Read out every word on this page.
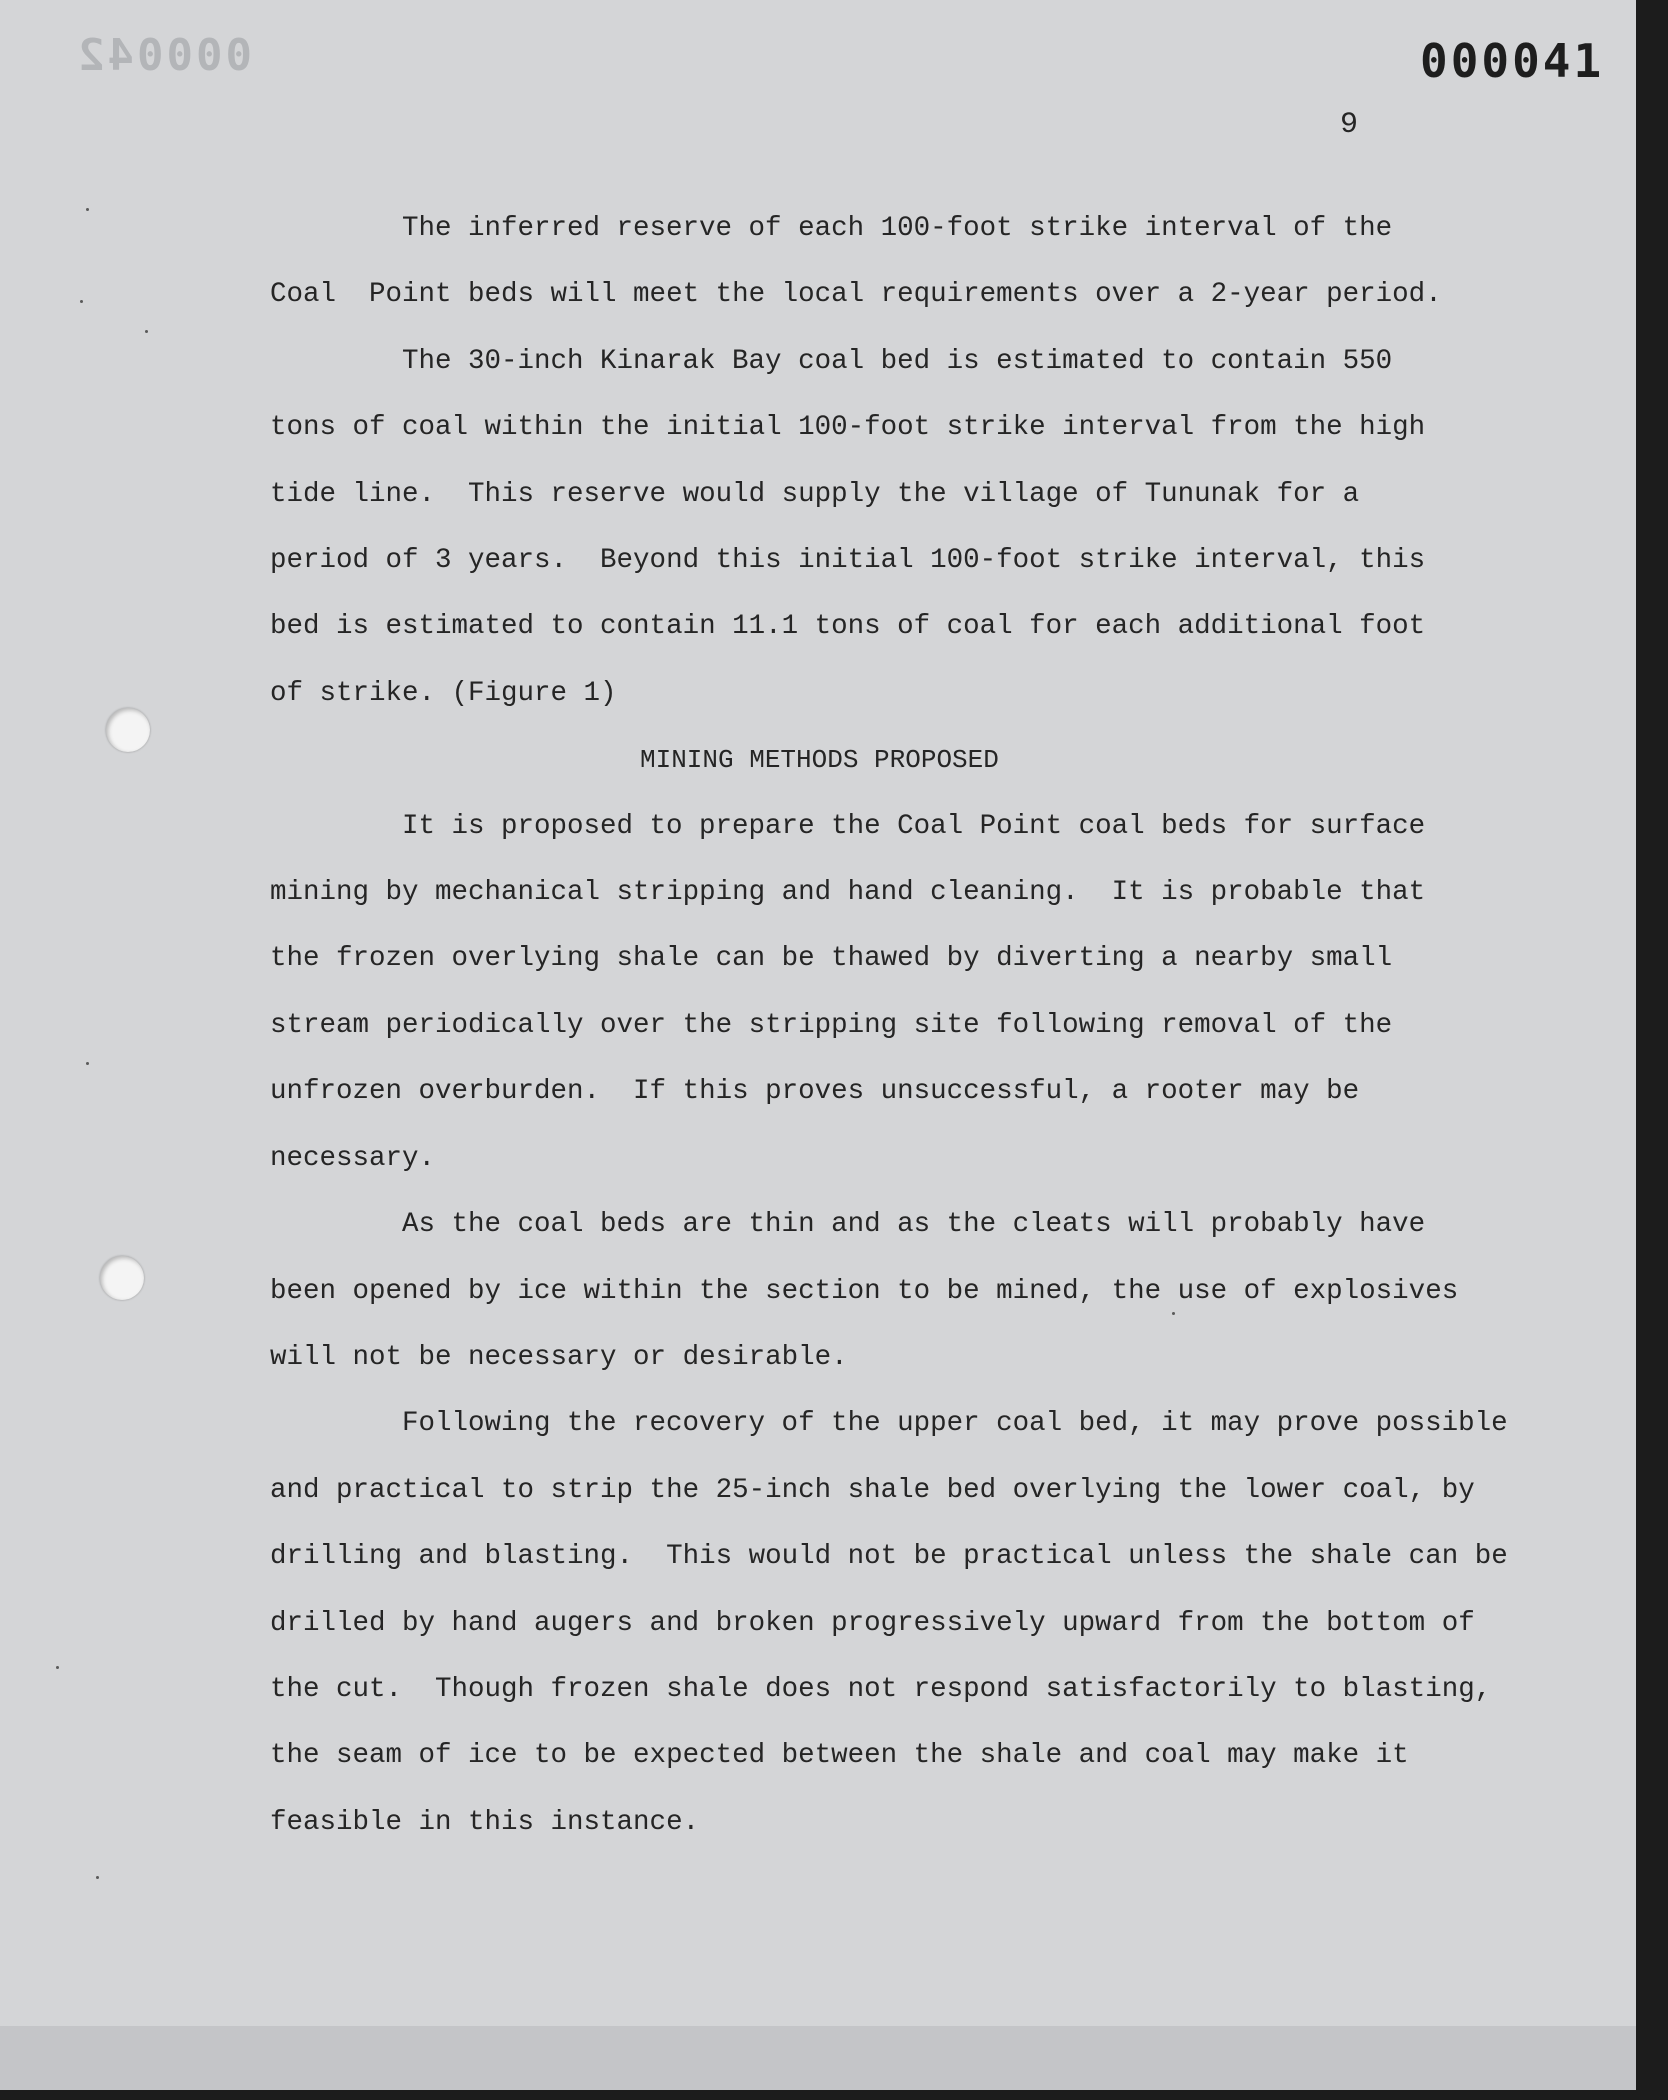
000042	000041
9

The inferred reserve of each 100-foot strike interval of the

Coal  Point beds will meet the local requirements over a 2-year period.

The 30-inch Kinarak Bay coal bed is estimated to contain 550

tons of coal within the initial 100-foot strike interval from the high

tide line.  This reserve would supply the village of Tununak for a

period of 3 years.  Beyond this initial 100-foot strike interval, this

bed is estimated to contain 11.1 tons of coal for each additional foot

of strike. (Figure 1)

MINING METHODS PROPOSED

It is proposed to prepare the Coal Point coal beds for surface

mining by mechanical stripping and hand cleaning.  It is probable that

the frozen overlying shale can be thawed by diverting a nearby small

stream periodically over the stripping site following removal of the

unfrozen overburden.  If this proves unsuccessful, a rooter may be

necessary.

As the coal beds are thin and as the cleats will probably have

been opened by ice within the section to be mined, the use of explosives

will not be necessary or desirable.

Following the recovery of the upper coal bed, it may prove possible

and practical to strip the 25-inch shale bed overlying the lower coal, by

drilling and blasting.  This would not be practical unless the shale can be

drilled by hand augers and broken progressively upward from the bottom of

the cut.  Though frozen shale does not respond satisfactorily to blasting,

the seam of ice to be expected between the shale and coal may make it

feasible in this instance.
